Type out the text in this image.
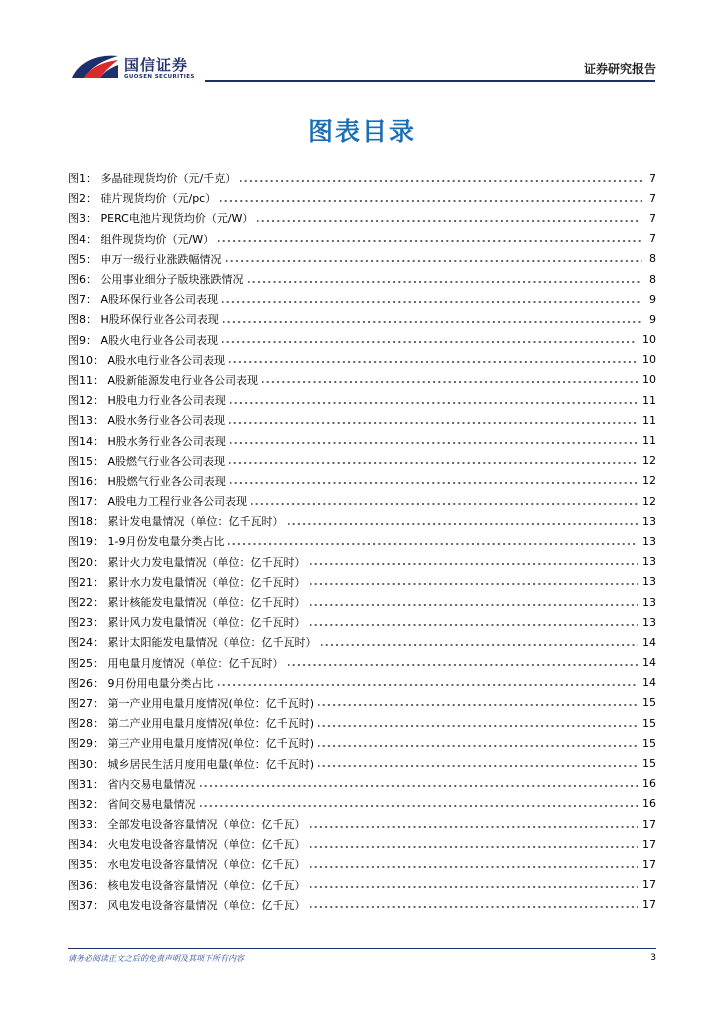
国信证券
GUOSEN SECURITIES
证券研究报告
图表目录
图1： 多晶硅现货均价（元/千克）	7
图2： 硅片现货均价（元/pc）	7
图3： PERC电池片现货均价（元/W）	7
图4： 组件现货均价（元/W）	7
图5： 申万一级行业涨跌幅情况	8
图6： 公用事业细分子版块涨跌情况	8
图7： A股环保行业各公司表现	9
图8： H股环保行业各公司表现	9
图9： A股火电行业各公司表现	10
图10： A股水电行业各公司表现	10
图11： A股新能源发电行业各公司表现	10
图12： H股电力行业各公司表现	11
图13： A股水务行业各公司表现	11
图14： H股水务行业各公司表现	11
图15： A股燃气行业各公司表现	12
图16： H股燃气行业各公司表现	12
图17： A股电力工程行业各公司表现	12
图18： 累计发电量情况（单位：亿千瓦时）	13
图19： 1-9月份发电量分类占比	13
图20： 累计火力发电量情况（单位：亿千瓦时）	13
图21： 累计水力发电量情况（单位：亿千瓦时）	13
图22： 累计核能发电量情况（单位：亿千瓦时）	13
图23： 累计风力发电量情况（单位：亿千瓦时）	13
图24： 累计太阳能发电量情况（单位：亿千瓦时）	14
图25： 用电量月度情况（单位：亿千瓦时）	14
图26： 9月份用电量分类占比	14
图27： 第一产业用电量月度情况(单位：亿千瓦时)	15
图28： 第二产业用电量月度情况(单位：亿千瓦时)	15
图29： 第三产业用电量月度情况(单位：亿千瓦时)	15
图30： 城乡居民生活月度用电量(单位：亿千瓦时)	15
图31： 省内交易电量情况	16
图32： 省间交易电量情况	16
图33： 全部发电设备容量情况（单位：亿千瓦）	17
图34： 火电发电设备容量情况（单位：亿千瓦）	17
图35： 水电发电设备容量情况（单位：亿千瓦）	17
图36： 核电发电设备容量情况（单位：亿千瓦）	17
图37： 风电发电设备容量情况（单位：亿千瓦）	17
请务必阅读正文之后的免责声明及其项下所有内容	3
